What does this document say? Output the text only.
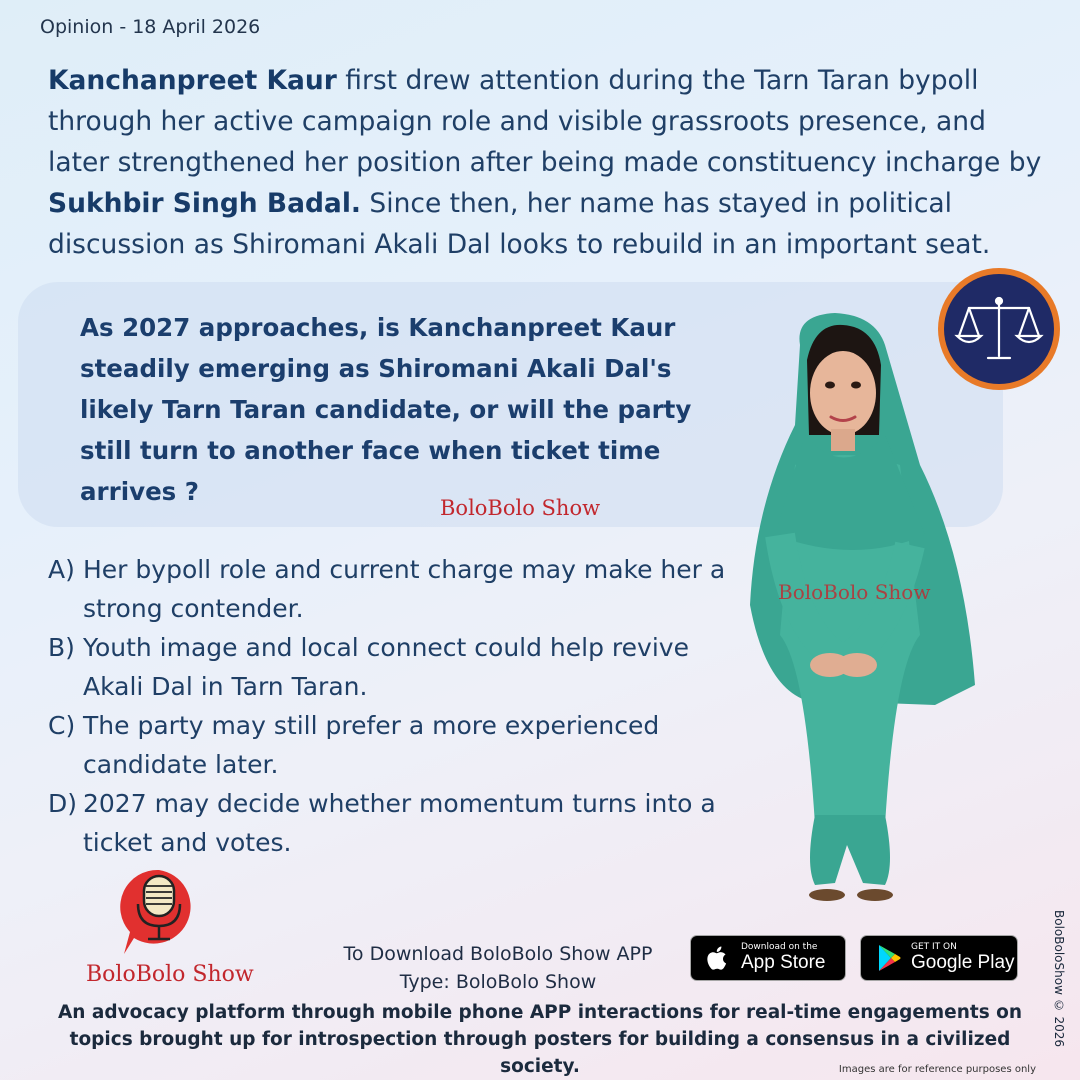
Opinion - 18 April 2026
Kanchanpreet Kaur first drew attention during the Tarn Taran bypoll through her active campaign role and visible grassroots presence, and later strengthened her position after being made constituency incharge by Sukhbir Singh Badal. Since then, her name has stayed in political discussion as Shiromani Akali Dal looks to rebuild in an important seat.
As 2027 approaches, is Kanchanpreet Kaur steadily emerging as Shiromani Akali Dal's likely Tarn Taran candidate, or will the party still turn to another face when ticket time arrives ?
BoloBolo Show
BoloBolo Show
A) Her bypoll role and current charge may make her a strong contender.
B) Youth image and local connect could help revive Akali Dal in Tarn Taran.
C) The party may still prefer a more experienced candidate later.
D) 2027 may decide whether momentum turns into a ticket and votes.
BoloBolo Show
To Download BoloBolo Show APP
Type: BoloBolo Show
Download on the
App Store
GET IT ON
Google Play
An advocacy platform through mobile phone APP interactions for real-time engagements on topics brought up for introspection through posters for building a consensus in a civilized society.
BoloBoloShow © 2026
Images are for reference purposes only
